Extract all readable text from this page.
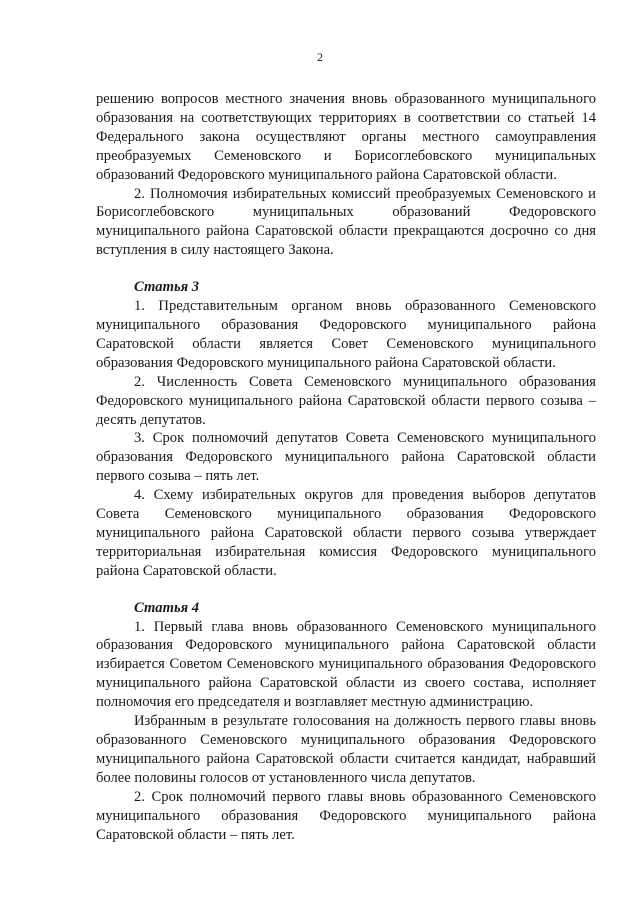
2

решению вопросов местного значения вновь образованного муниципального образования на соответствующих территориях в соответствии со статьей 14 Федерального закона осуществляют органы местного самоуправления преобразуемых Семеновского и Борисоглебовского муниципальных образований Федоровского муниципального района Саратовской области.

2. Полномочия избирательных комиссий преобразуемых Семеновского и Борисоглебовского муниципальных образований Федоровского муниципального района Саратовской области прекращаются досрочно со дня вступления в силу настоящего Закона.

Статья 3

1. Представительным органом вновь образованного Семеновского муниципального образования Федоровского муниципального района Саратовской области является Совет Семеновского муниципального образования Федоровского муниципального района Саратовской области.

2. Численность Совета Семеновского муниципального образования Федоровского муниципального района Саратовской области первого созыва – десять депутатов.

3. Срок полномочий депутатов Совета Семеновского муниципального образования Федоровского муниципального района Саратовской области первого созыва – пять лет.

4. Схему избирательных округов для проведения выборов депутатов Совета Семеновского муниципального образования Федоровского муниципального района Саратовской области первого созыва утверждает территориальная избирательная комиссия Федоровского муниципального района Саратовской области.

Статья 4

1. Первый глава вновь образованного Семеновского муниципального образования Федоровского муниципального района Саратовской области избирается Советом Семеновского муниципального образования Федоровского муниципального района Саратовской области из своего состава, исполняет полномочия его председателя и возглавляет местную администрацию.

Избранным в результате голосования на должность первого главы вновь образованного Семеновского муниципального образования Федоровского муниципального района Саратовской области считается кандидат, набравший более половины голосов от установленного числа депутатов.

2. Срок полномочий первого главы вновь образованного Семеновского муниципального образования Федоровского муниципального района Саратовской области – пять лет.
